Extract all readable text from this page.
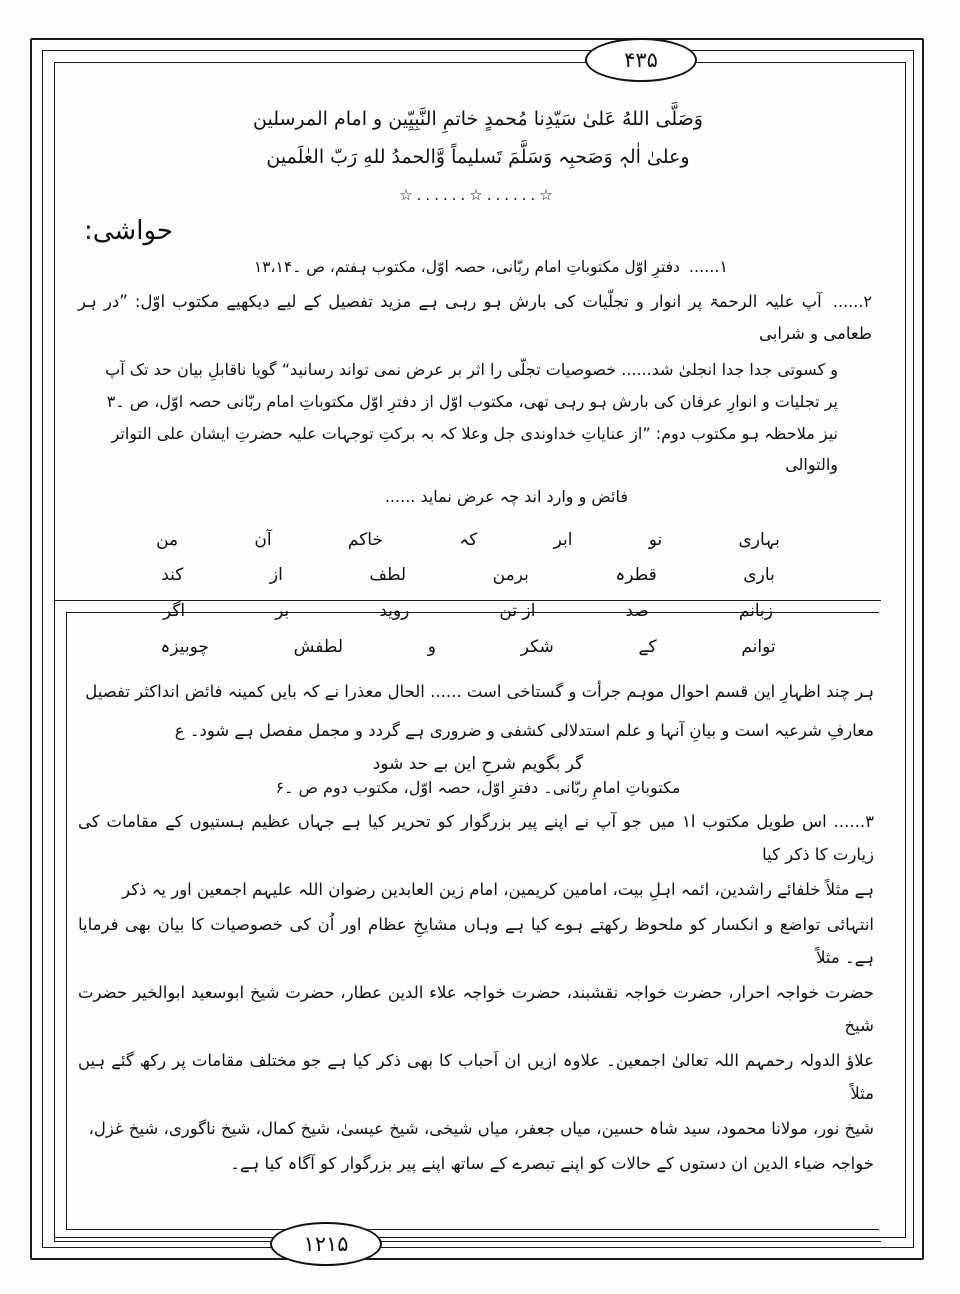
۴۳۵
۱۲۱۵
وَصَلَّى اللهُ عَلىٰ سَيّدِنا مُحمدٍ خاتمِ النَّبِيِّين و امام المرسلين
وعلىٰ اٰلہٖ وَصَحبِہ وَسَلَّمَ تَسليماً وَّالحمدُ للهِ رَبّ العٰلَمين
☆......☆......☆
حواشی:
۱...... دفترِ اوّل مکتوباتِ امام ربّانی، حصہ اوّل، مکتوب ہفتم، ص ۔۱۳،۱۴
۲...... آپ علیہ الرحمۃ پر انوار و تجلّیات کی بارش ہو رہی ہے مزید تفصیل کے لیے دیکھیے مکتوب اوّل: ”در ہر طعامی و شرابی
و کسوتی جدا جدا انجلیٰ شد...... خصوصیات تجلّی را اثر بر عرض نمی تواند رسانید“ گویا ناقابلِ بیان حد تک آپ
پر تجلیات و انوارِ عرفان کی بارش ہو رہی تھی، مکتوب اوّل از دفترِ اوّل مکتوباتِ امام ربّانی حصہ اوّل، ص ۔۳
نیز ملاحظہ ہو مکتوب دوم: ”از عنایاتِ خداوندی جل وعلا کہ بہ برکتِ توجہات علیہ حضرتِ ایشان علی التواتر والتوالی
فائض و وارد اند چہ عرض نماید ......
بہاری
نو
ابر
کہ
خاکم
آن
من
باری
قطرہ
برمن
لطف
از
کند
زبانم
صد
از تن
روید
بر
اگر
توانم
کے
شکر
و
لطفش
چوبیزہ
ہر چند اظہارِ این قسم احوال موہم جرأت و گستاخی است ...... الحال معذرا نے کہ بایں کمینہ فائض انداکثر تفصیل
معارفِ شرعیہ است و بیانِ آنہا و علم استدلالی کشفی و ضروری ہے گردد و مجمل مفصل ہے شود۔ ع
گر بگویم شرحِ این بے حد شود
مکتوباتِ امامِ ربّانی۔ دفترِ اوّل، حصہ اوّل، مکتوب دوم ص ۔۶

۳...... اس طویل مکتوب ا۱ میں جو آپ نے اپنے پیر بزرگوار کو تحریر کیا ہے جہاں عظیم ہستیوں کے مقامات کی زیارت کا ذکر کیا

ہے مثلاً خلفائے راشدین، ائمہ اہلِ بیت، امامین کریمین، امام زین العابدین رضوان اللہ علیہم اجمعین اور یہ ذکر

انتہائی تواضع و انکسار کو ملحوظ رکھتے ہوے کیا ہے وہاں مشایخِ عظام اور اُن کی خصوصیات کا بیان بھی فرمایا ہے۔ مثلاً

حضرت خواجہ احرار، حضرت خواجہ نقشبند، حضرت خواجہ علاء الدین عطار، حضرت شیخ ابوسعید ابوالخیر حضرت شیخ

علاؤ الدولہ رحمہم اللہ تعالیٰ اجمعین۔ علاوہ ازیں ان اَحباب کا بھی ذکر کیا ہے جو مختلف مقامات پر رکھ گئے ہیں مثلاً

شیخ نور، مولانا محمود، سید شاہ حسین، میاں جعفر، میاں شیخی، شیخ عیسیٰ، شیخ کمال، شیخ ناگوری، شیخ غزل،

خواجہ ضیاء الدین ان دستوں کے حالات کو اپنے تبصرے کے ساتھ اپنے پیر بزرگوار کو آگاہ کیا ہے۔
